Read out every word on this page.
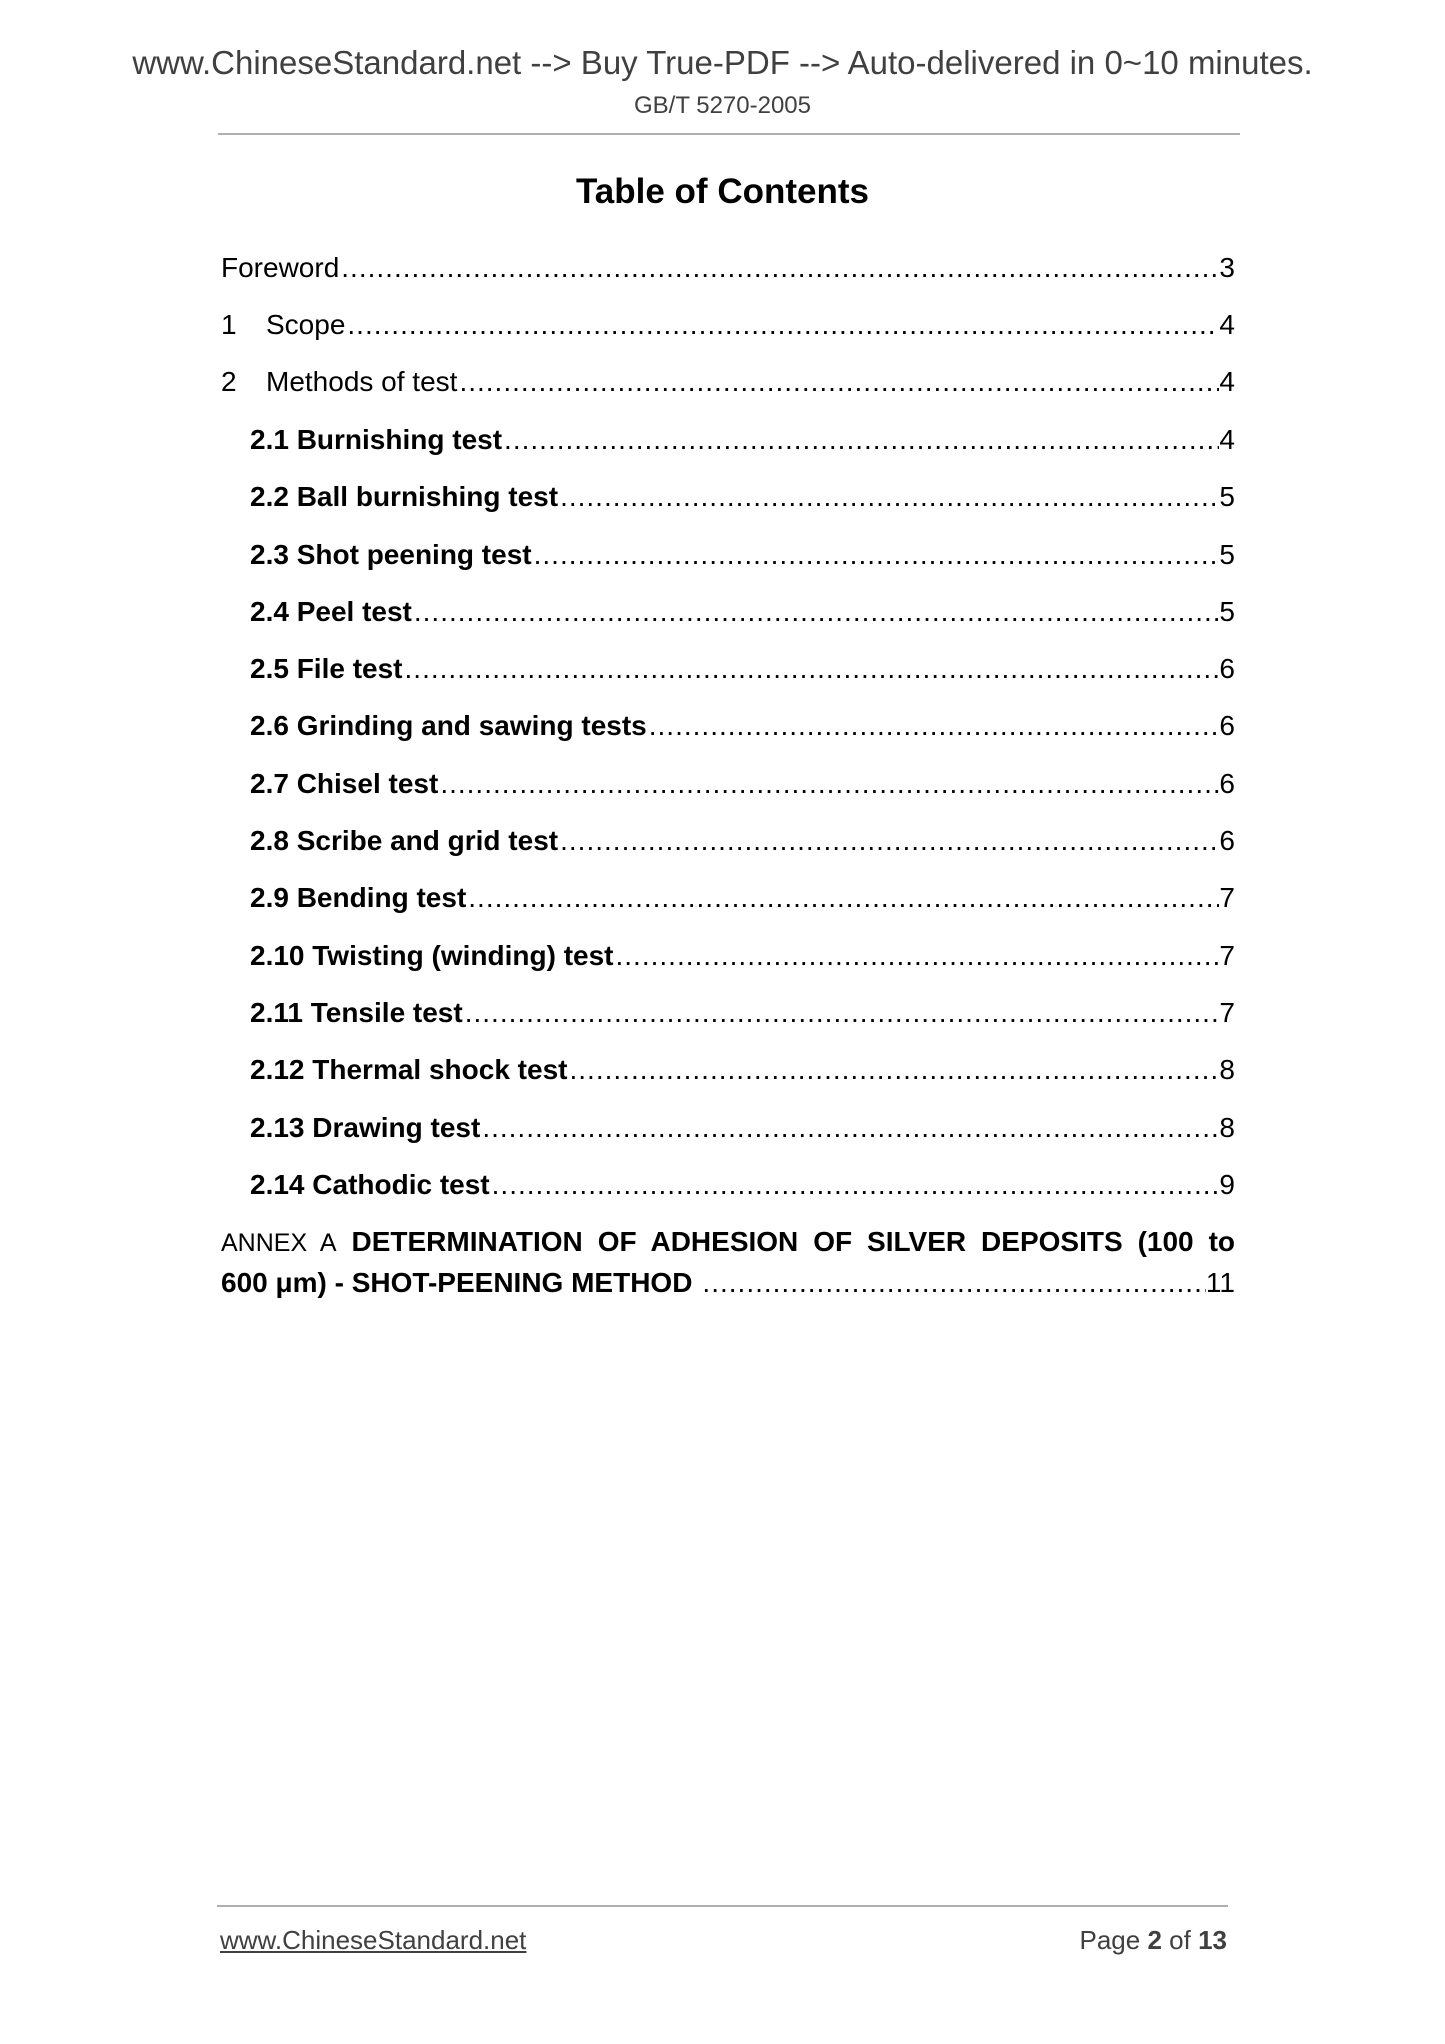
www.ChineseStandard.net --> Buy True-PDF --> Auto-delivered in 0~10 minutes.
GB/T 5270-2005
Table of Contents
Foreword .....	3
1 Scope .....	4
2 Methods of test .....	4
2.1 Burnishing test .....	4
2.2 Ball burnishing test .....	5
2.3 Shot peening test .....	5
2.4 Peel test .....	5
2.5 File test .....	6
2.6 Grinding and sawing tests .....	6
2.7 Chisel test .....	6
2.8 Scribe and grid test .....	6
2.9 Bending test .....	7
2.10 Twisting (winding) test .....	7
2.11 Tensile test .....	7
2.12 Thermal shock test .....	8
2.13 Drawing test .....	8
2.14 Cathodic test .....	9
ANNEX A DETERMINATION OF ADHESION OF SILVER DEPOSITS (100 to
600 μm) - SHOT-PEENING METHOD .....	11
www.ChineseStandard.net	Page 2 of 13
